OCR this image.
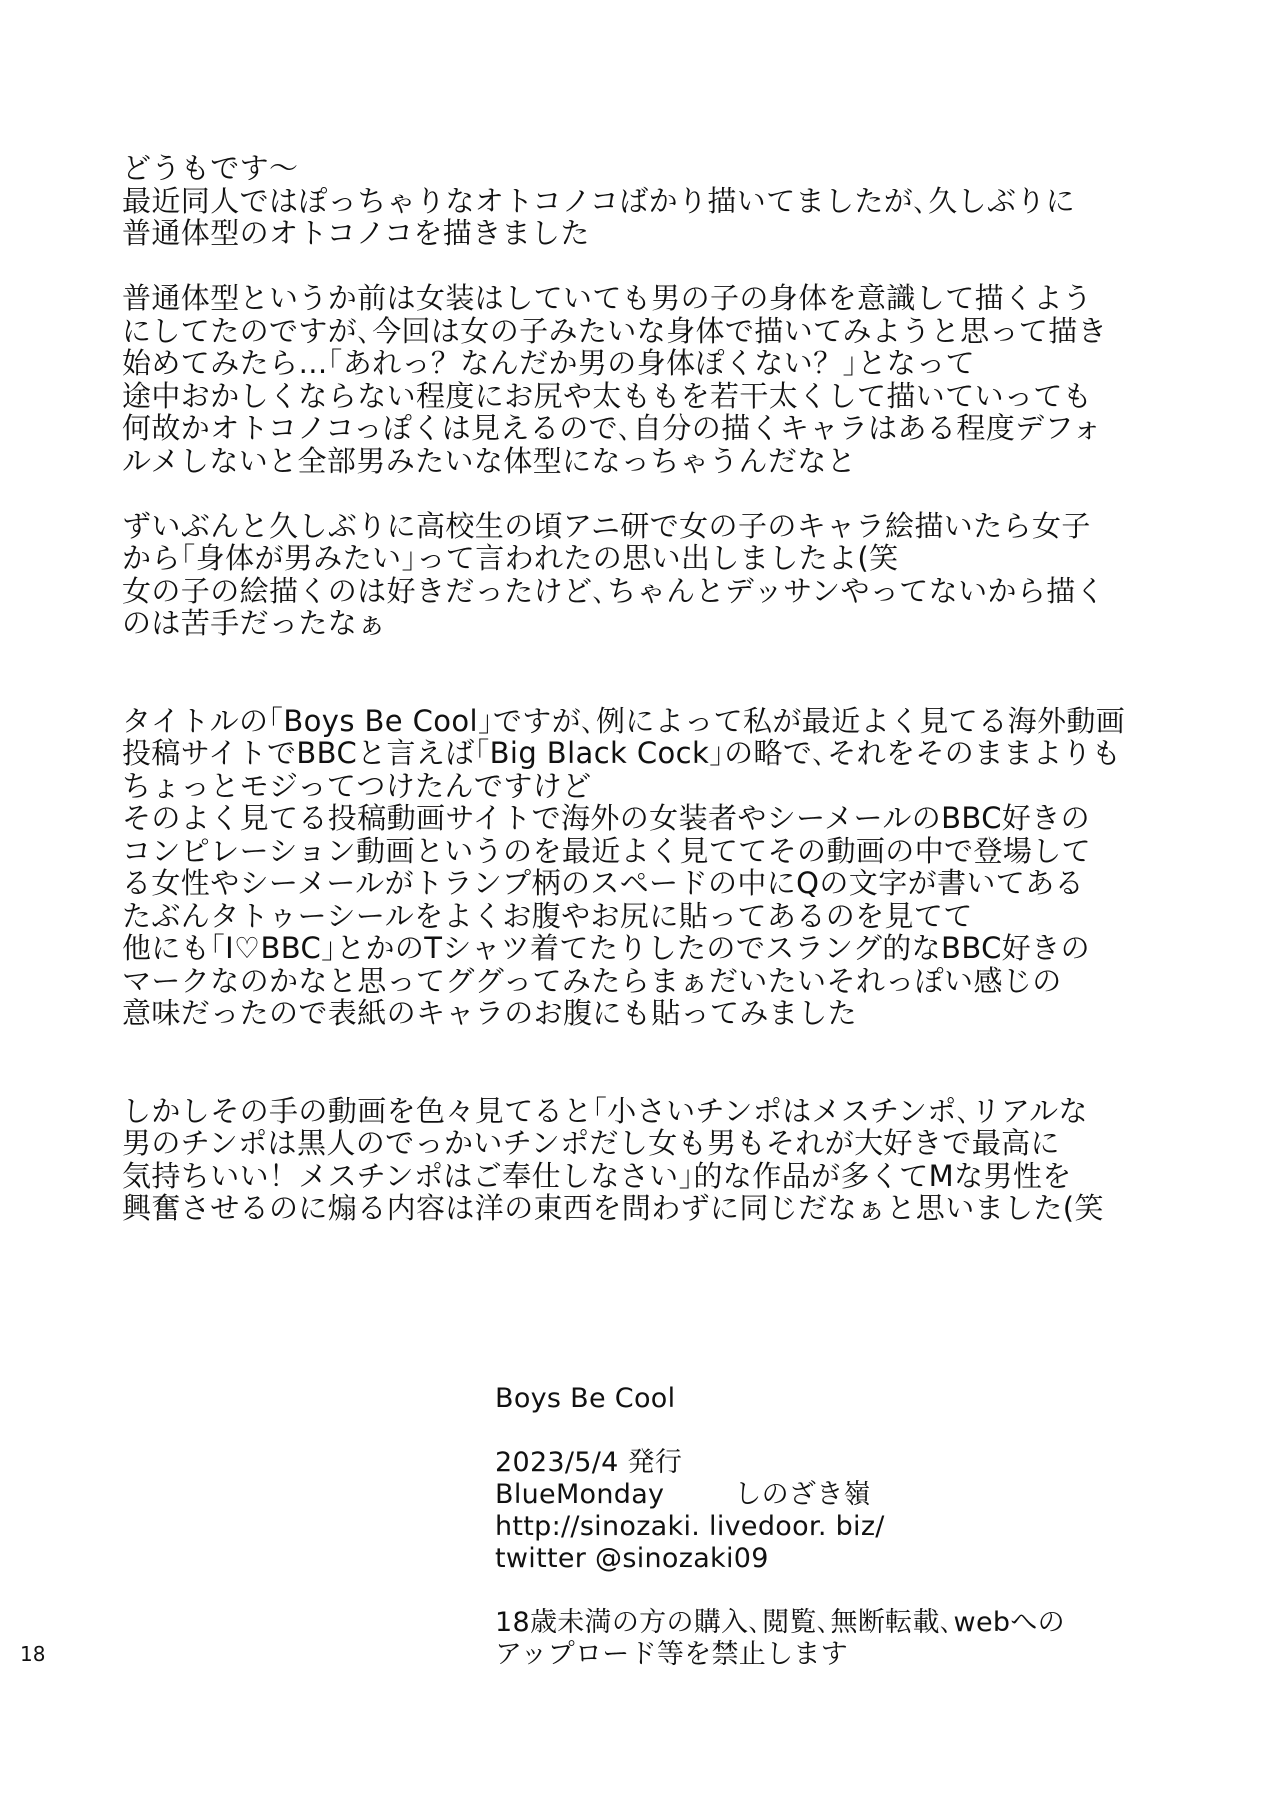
どうもです～
最近同人ではぽっちゃりなオトコノコばかり描いてましたが､久しぶりに
普通体型のオトコノコを描きました
普通体型というか前は女装はしていても男の子の身体を意識して描くよう
にしてたのですが､今回は女の子みたいな身体で描いてみようと思って描き
始めてみたら…｢あれっ？なんだか男の身体ぽくない？｣となって
途中おかしくならない程度にお尻や太ももを若干太くして描いていっても
何故かオトコノコっぽくは見えるので､自分の描くキャラはある程度デフォ
ルメしないと全部男みたいな体型になっちゃうんだなと
ずいぶんと久しぶりに高校生の頃アニ研で女の子のキャラ絵描いたら女子
から｢身体が男みたい｣って言われたの思い出しましたよ(笑
女の子の絵描くのは好きだったけど､ちゃんとデッサンやってないから描く
のは苦手だったなぁ
タイトルの｢Boys Be Cool｣ですが､例によって私が最近よく見てる海外動画
投稿サイトでBBCと言えば｢Big Black Cock｣の略で､それをそのままよりも
ちょっとモジってつけたんですけど
そのよく見てる投稿動画サイトで海外の女装者やシーメールのBBC好きの
コンピレーション動画というのを最近よく見ててその動画の中で登場して
る女性やシーメールがトランプ柄のスペードの中にQの文字が書いてある
たぶんタトゥーシールをよくお腹やお尻に貼ってあるのを見てて
他にも｢I♡BBC｣とかのTシャツ着てたりしたのでスラング的なBBC好きの
マークなのかなと思ってググってみたらまぁだいたいそれっぽい感じの
意味だったので表紙のキャラのお腹にも貼ってみました
しかしその手の動画を色々見てると｢小さいチンポはメスチンポ､リアルな
男のチンポは黒人のでっかいチンポだし女も男もそれが大好きで最高に
気持ちいい！メスチンポはご奉仕しなさい｣的な作品が多くてMな男性を
興奮させるのに煽る内容は洋の東西を問わずに同じだなぁと思いました(笑
Boys Be Cool
2023/5/4 発行
BlueMonday	しのざき嶺
http://sinozaki. livedoor. biz/
twitter @sinozaki09
18歳未満の方の購入､閲覧､無断転載､webへの
アップロード等を禁止します
18
